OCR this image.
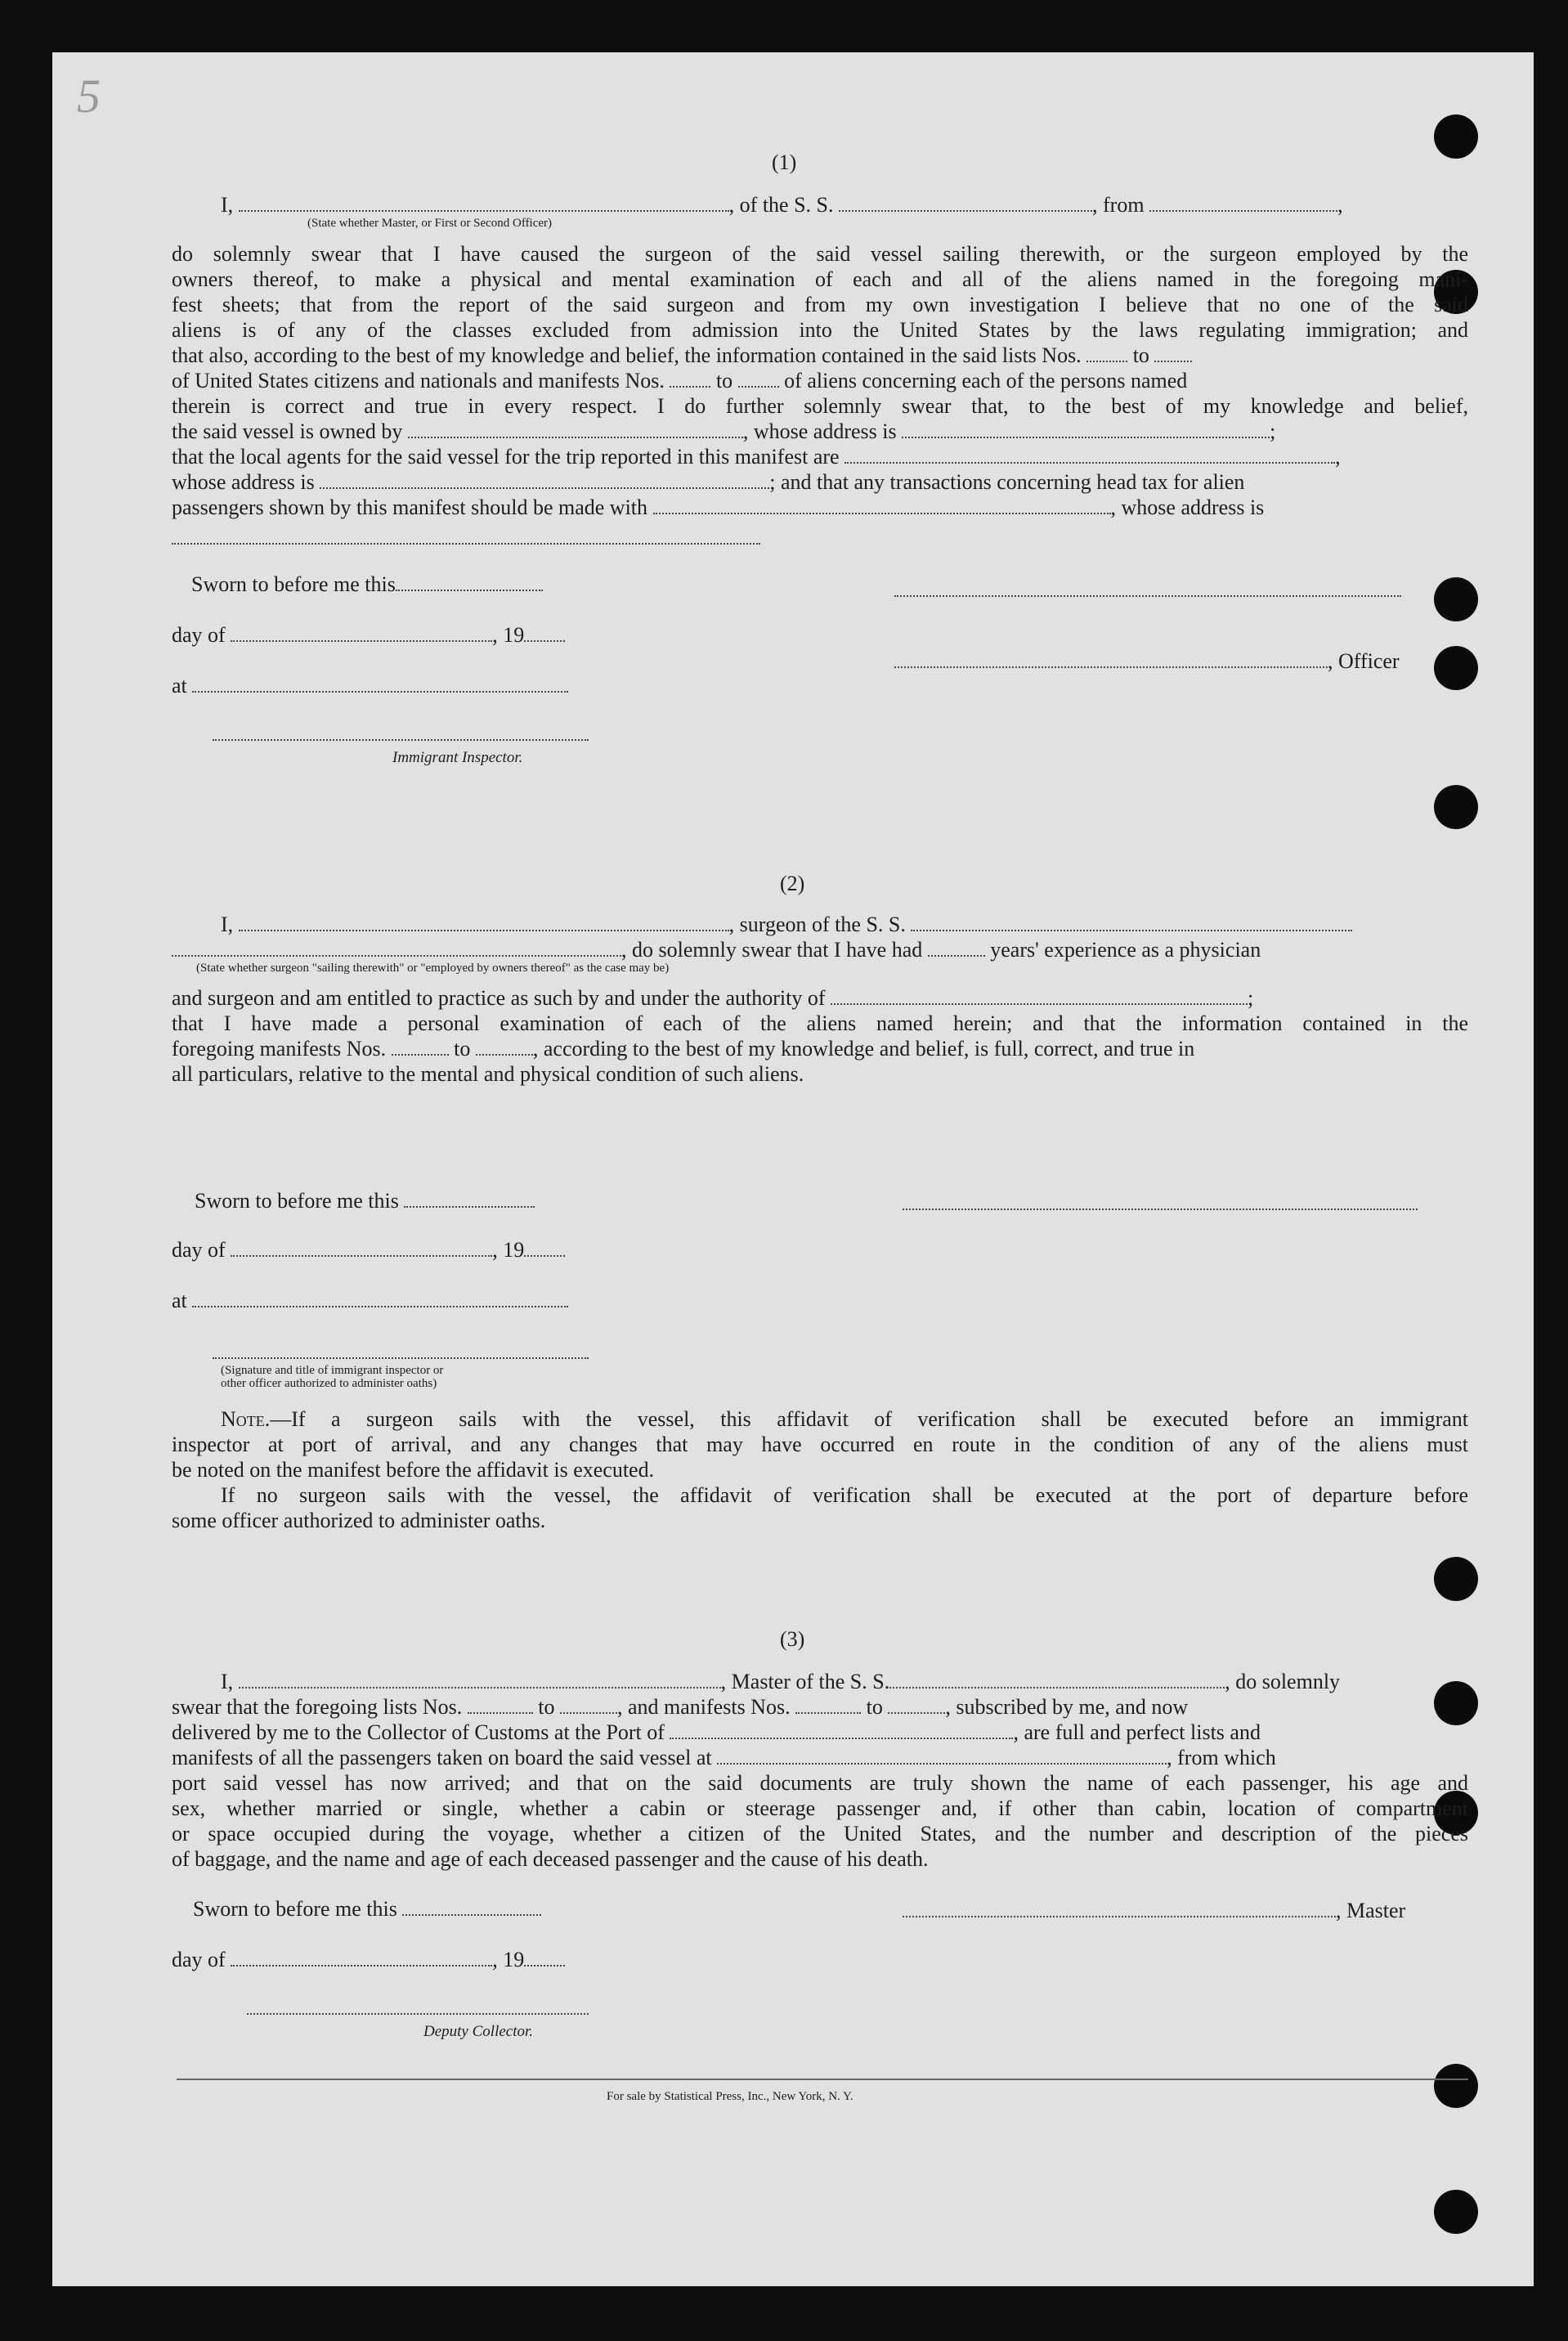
5
(1)
I,	, of the S. S.	, from	,
(State whether Master, or First or Second Officer)
do solemnly swear that I have caused the surgeon of the said vessel sailing therewith, or the surgeon employed by the
owners thereof, to make a physical and mental examination of each and all of the aliens named in the foregoing mani-
fest sheets; that from the report of the said surgeon and from my own investigation I believe that no one of the said
aliens is of any of the classes excluded from admission into the United States by the laws regulating immigration; and
that also, according to the best of my knowledge and belief, the information contained in the said lists Nos. to
of United States citizens and nationals and manifests Nos. to of aliens concerning each of the persons named
therein is correct and true in every respect. I do further solemnly swear that, to the best of my knowledge and belief,
the said vessel is owned by	, whose address is	;
that the local agents for the said vessel for the trip reported in this manifest are	,
whose address is	; and that any transactions concerning head tax for alien
passengers shown by this manifest should be made with	, whose address is
Sworn to before me this
day of	, 19
, Officer
at
Immigrant Inspector.
(2)
I,	, surgeon of the S. S.
, do solemnly swear that I have had	years' experience as a physician
(State whether surgeon "sailing therewith" or "employed by owners thereof" as the case may be)
and surgeon and am entitled to practice as such by and under the authority of	;
that I have made a personal examination of each of the aliens named herein; and that the information contained in the
foregoing manifests Nos.	to	, according to the best of my knowledge and belief, is full, correct, and true in
all particulars, relative to the mental and physical condition of such aliens.
Sworn to before me this
day of	, 19
at
(Signature and title of immigrant inspector or
other officer authorized to administer oaths)
Note. —If a surgeon sails with the vessel, this affidavit of verification shall be executed before an immigrant
inspector at port of arrival, and any changes that may have occurred en route in the condition of any of the aliens must
be noted on the manifest before the affidavit is executed.
If no surgeon sails with the vessel, the affidavit of verification shall be executed at the port of departure before
some officer authorized to administer oaths.
(3)
I,	, Master of the S. S.	, do solemnly
swear that the foregoing lists Nos.	to	, and manifests Nos.	to	, subscribed by me, and now
delivered by me to the Collector of Customs at the Port of	, are full and perfect lists and
manifests of all the passengers taken on board the said vessel at	, from which
port said vessel has now arrived; and that on the said documents are truly shown the name of each passenger, his age and
sex, whether married or single, whether a cabin or steerage passenger and, if other than cabin, location of compartment
or space occupied during the voyage, whether a citizen of the United States, and the number and description of the pieces
of baggage, and the name and age of each deceased passenger and the cause of his death.
Sworn to before me this	, Master
day of	, 19
Deputy Collector.
For sale by Statistical Press, Inc., New York, N. Y.
